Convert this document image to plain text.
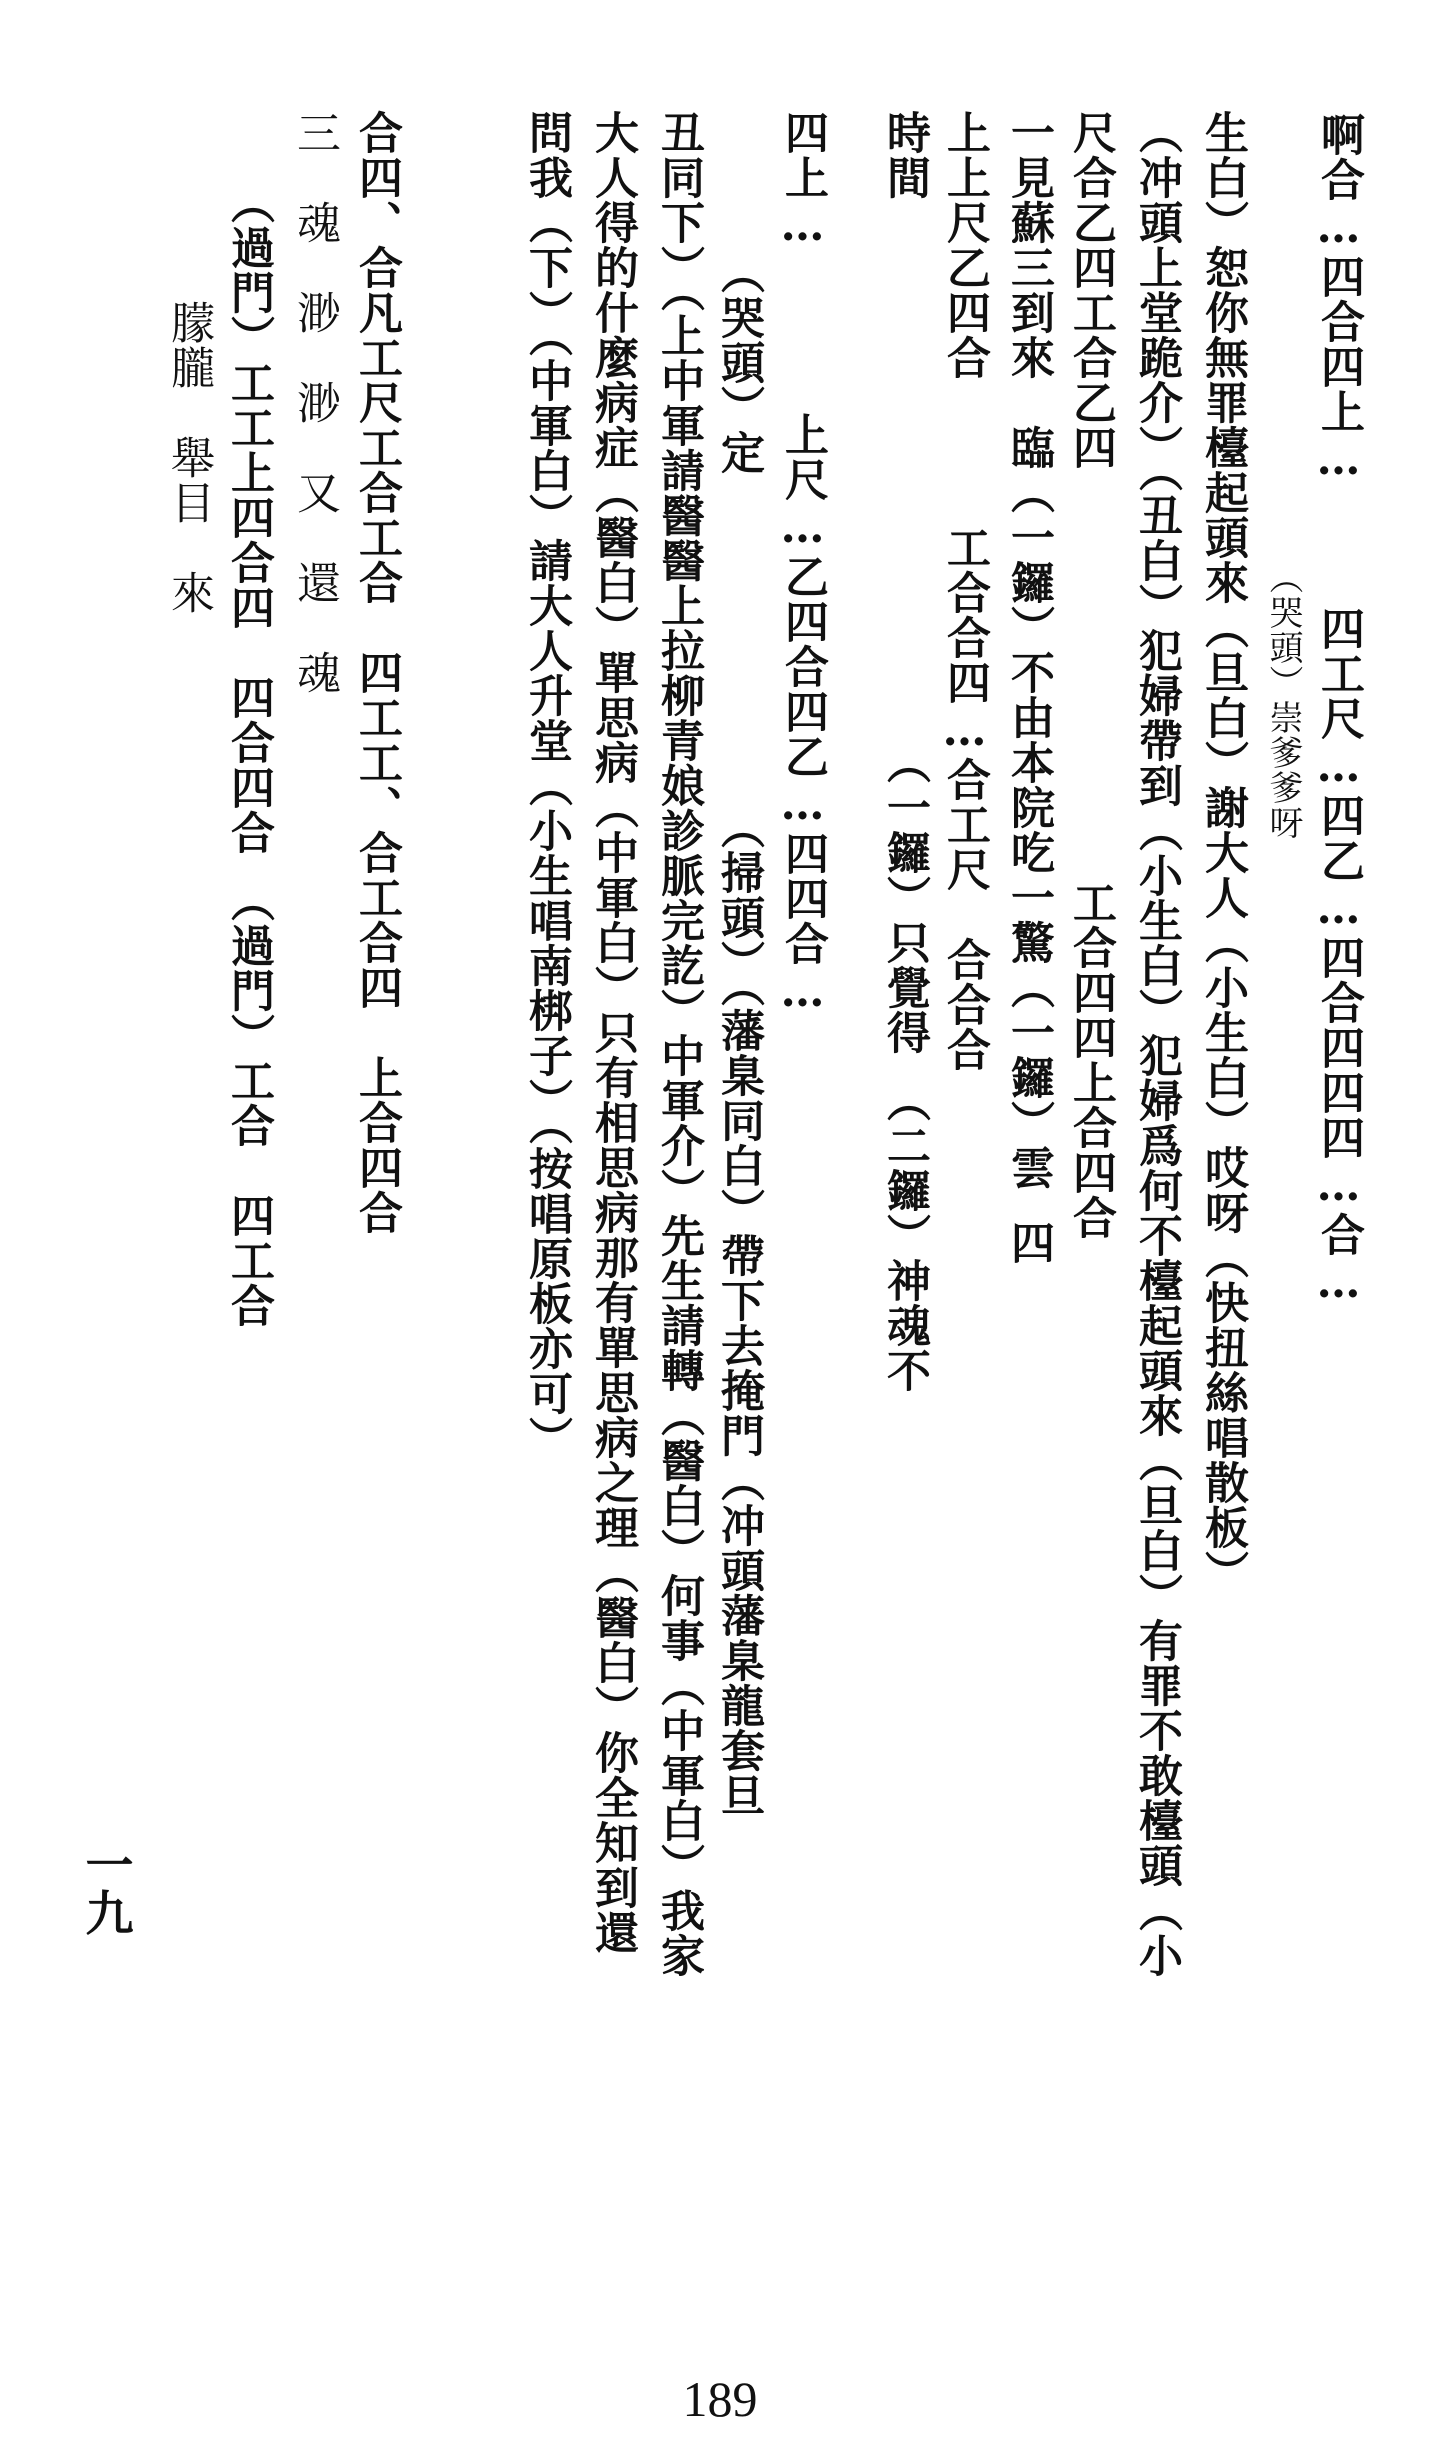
啊合…四合四上…四工尺…四乙…四合四四四…合…
（哭頭）崇爹爹呀
生白）恕你無罪檯起頭來（旦白）謝大人（小生白）哎呀（快扭絲唱散板）
（冲頭上堂跪介）（丑白）犯婦帶到（小生白）犯婦爲何不檯起頭來（旦白）有罪不敢檯頭（小
尺合乙四工合乙四工合四四上合四合
一見蘇三到來　臨（一鑼）不由本院吃一驚（一鑼）雲四
上上尺乙四合工合合四…合工尺　合合合
時間（一鑼）只覺得　（二鑼）神魂不
四上…上尺…乙四合四乙…四四合…
（哭頭）定（掃頭）（藩臬同白）帶下去掩門（冲頭藩臬龍套旦
丑同下）（上中軍請醫醫上拉柳青娘診脈完訖）中軍介）先生請轉（醫白）何事（中軍白）我家
大人得的什麼病症（醫白）單思病（中軍白）只有相思病那有單思病之理（醫白）你全知到還
問我（下）（中軍白）請大人升堂（小生唱南梆子）（按唱原板亦可）
合四、合凡工尺工合工合　四工工、合工合四　上合四合
三　魂　渺　渺　又　還　魂
（過門）工工上四合四　四合四合　（過門）工合　四工合
朦朧　舉目　來
一九
189
